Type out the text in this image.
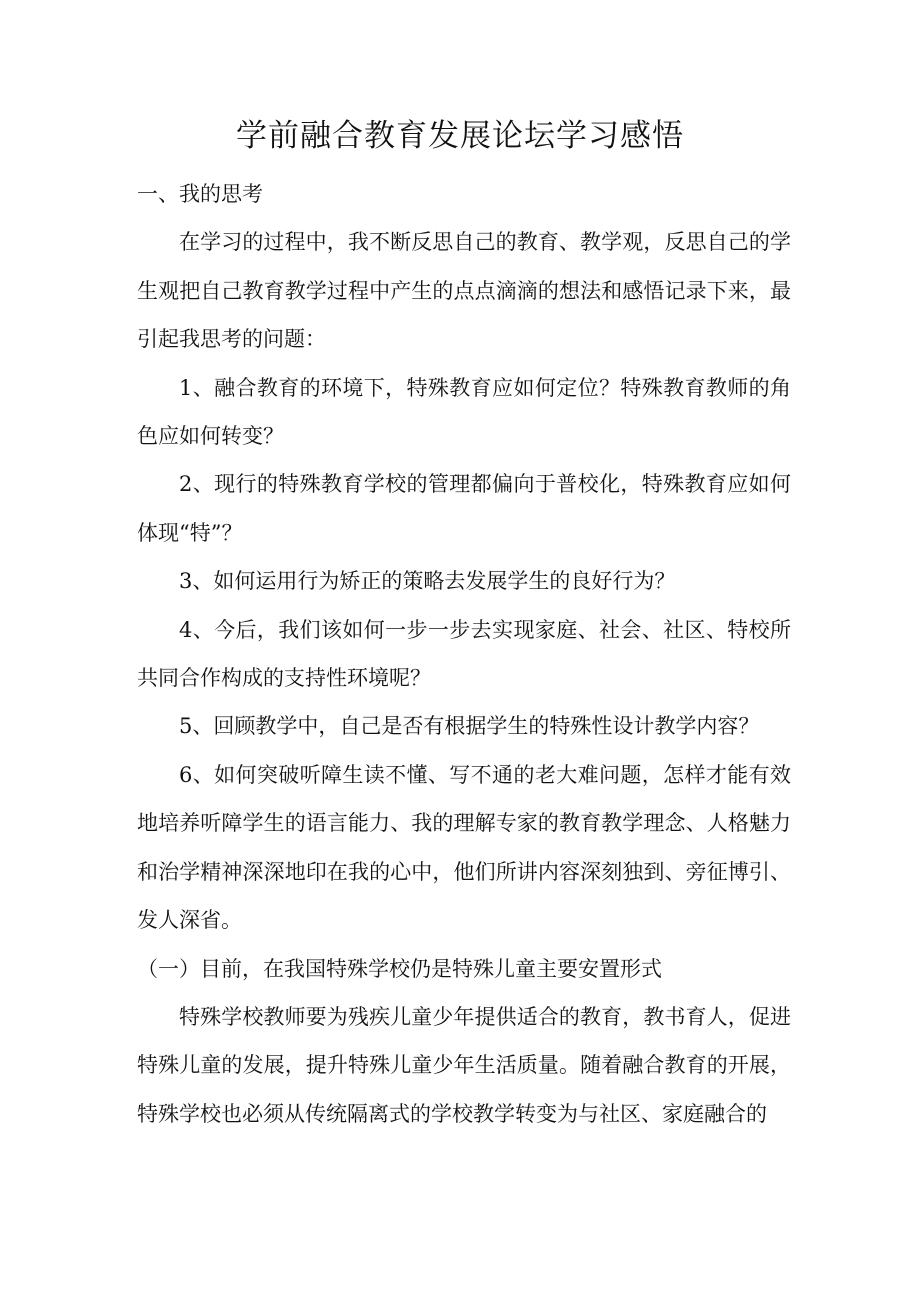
学前融合教育发展论坛学习感悟

一、我的思考

在学习的过程中，我不断反思自己的教育、教学观，反思自己的学生观把自己教育教学过程中产生的点点滴滴的想法和感悟记录下来，最引起我思考的问题：

1、融合教育的环境下，特殊教育应如何定位？特殊教育教师的角色应如何转变？

2、现行的特殊教育学校的管理都偏向于普校化，特殊教育应如何体现“特”？

3、如何运用行为矫正的策略去发展学生的良好行为？

4、今后，我们该如何一步一步去实现家庭、社会、社区、特校所共同合作构成的支持性环境呢？

5、回顾教学中，自己是否有根据学生的特殊性设计教学内容？

6、如何突破听障生读不懂、写不通的老大难问题，怎样才能有效地培养听障学生的语言能力、我的理解专家的教育教学理念、人格魅力和治学精神深深地印在我的心中，他们所讲内容深刻独到、旁征博引、发人深省。

（一）目前，在我国特殊学校仍是特殊儿童主要安置形式

特殊学校教师要为残疾儿童少年提供适合的教育，教书育人，促进特殊儿童的发展，提升特殊儿童少年生活质量。随着融合教育的开展，特殊学校也必须从传统隔离式的学校教学转变为与社区、家庭融合的
